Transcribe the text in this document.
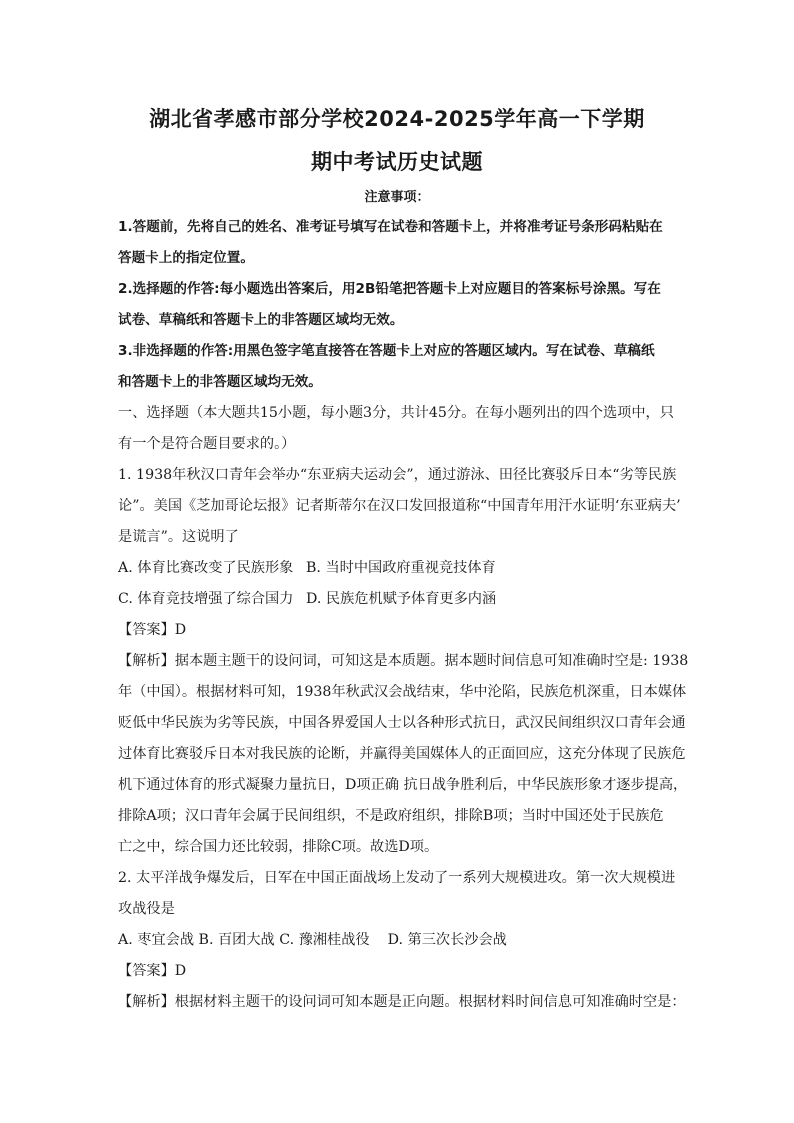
湖北省孝感市部分学校2024-2025学年高一下学期
期中考试历史试题
注意事项：
1.答题前，先将自己的姓名、准考证号填写在试卷和答题卡上，并将准考证号条形码粘贴在
答题卡上的指定位置。
2.选择题的作答:每小题选出答案后，用2B铅笔把答题卡上对应题目的答案标号涂黑。写在
试卷、草稿纸和答题卡上的非答题区域均无效。
3.非选择题的作答:用黑色签字笔直接答在答题卡上对应的答题区域内。写在试卷、草稿纸
和答题卡上的非答题区域均无效。
一、选择题（本大题共15小题，每小题3分，共计45分。在每小题列出的四个选项中，只
有一个是符合题目要求的。）
1. 1938年秋汉口青年会举办“东亚病夫运动会”，通过游泳、田径比赛驳斥日本“劣等民族
论”。美国《芝加哥论坛报》记者斯蒂尔在汉口发回报道称“中国青年用汗水证明‘东亚病夫’
是谎言”。这说明了
A. 体育比赛改变了民族形象 B. 当时中国政府重视竞技体育
C. 体育竞技增强了综合国力 D. 民族危机赋予体育更多内涵
【答案】D
【解析】据本题主题干的设问词，可知这是本质题。据本题时间信息可知准确时空是: 1938
年（中国）。根据材料可知，1938年秋武汉会战结束，华中沦陷，民族危机深重，日本媒体
贬低中华民族为劣等民族，中国各界爱国人士以各种形式抗日，武汉民间组织汉口青年会通
过体育比赛驳斥日本对我民族的论断，并赢得美国媒体人的正面回应，这充分体现了民族危
机下通过体育的形式凝聚力量抗日，D项正确 抗日战争胜利后，中华民族形象才逐步提高，
排除A项；汉口青年会属于民间组织，不是政府组织，排除B项；当时中国还处于民族危
亡之中，综合国力还比较弱，排除C项。故选D项。
2. 太平洋战争爆发后，日军在中国正面战场上发动了一系列大规模进攻。第一次大规模进
攻战役是
A. 枣宜会战 B. 百团大战 C. 豫湘桂战役 D. 第三次长沙会战
【答案】D
【解析】根据材料主题干的设问词可知本题是正向题。根据材料时间信息可知准确时空是：
